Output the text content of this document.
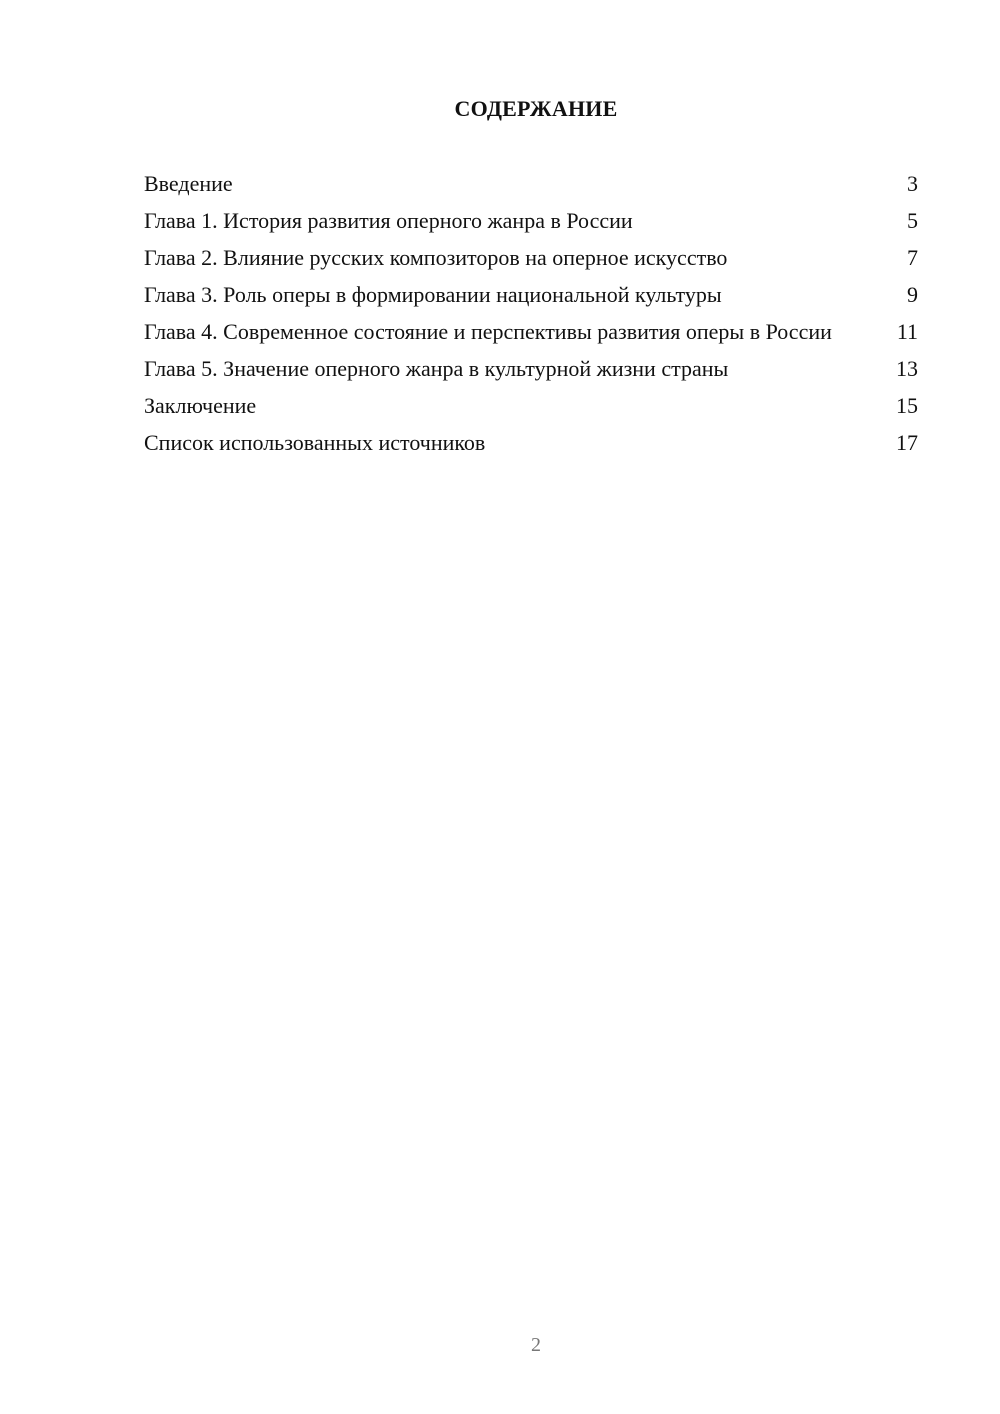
СОДЕРЖАНИЕ
Введение	3
Глава 1. История развития оперного жанра в России	5
Глава 2. Влияние русских композиторов на оперное искусство	7
Глава 3. Роль оперы в формировании национальной культуры	9
Глава 4. Современное состояние и перспективы развития оперы в России	11
Глава 5. Значение оперного жанра в культурной жизни страны	13
Заключение	15
Список использованных источников	17
2
